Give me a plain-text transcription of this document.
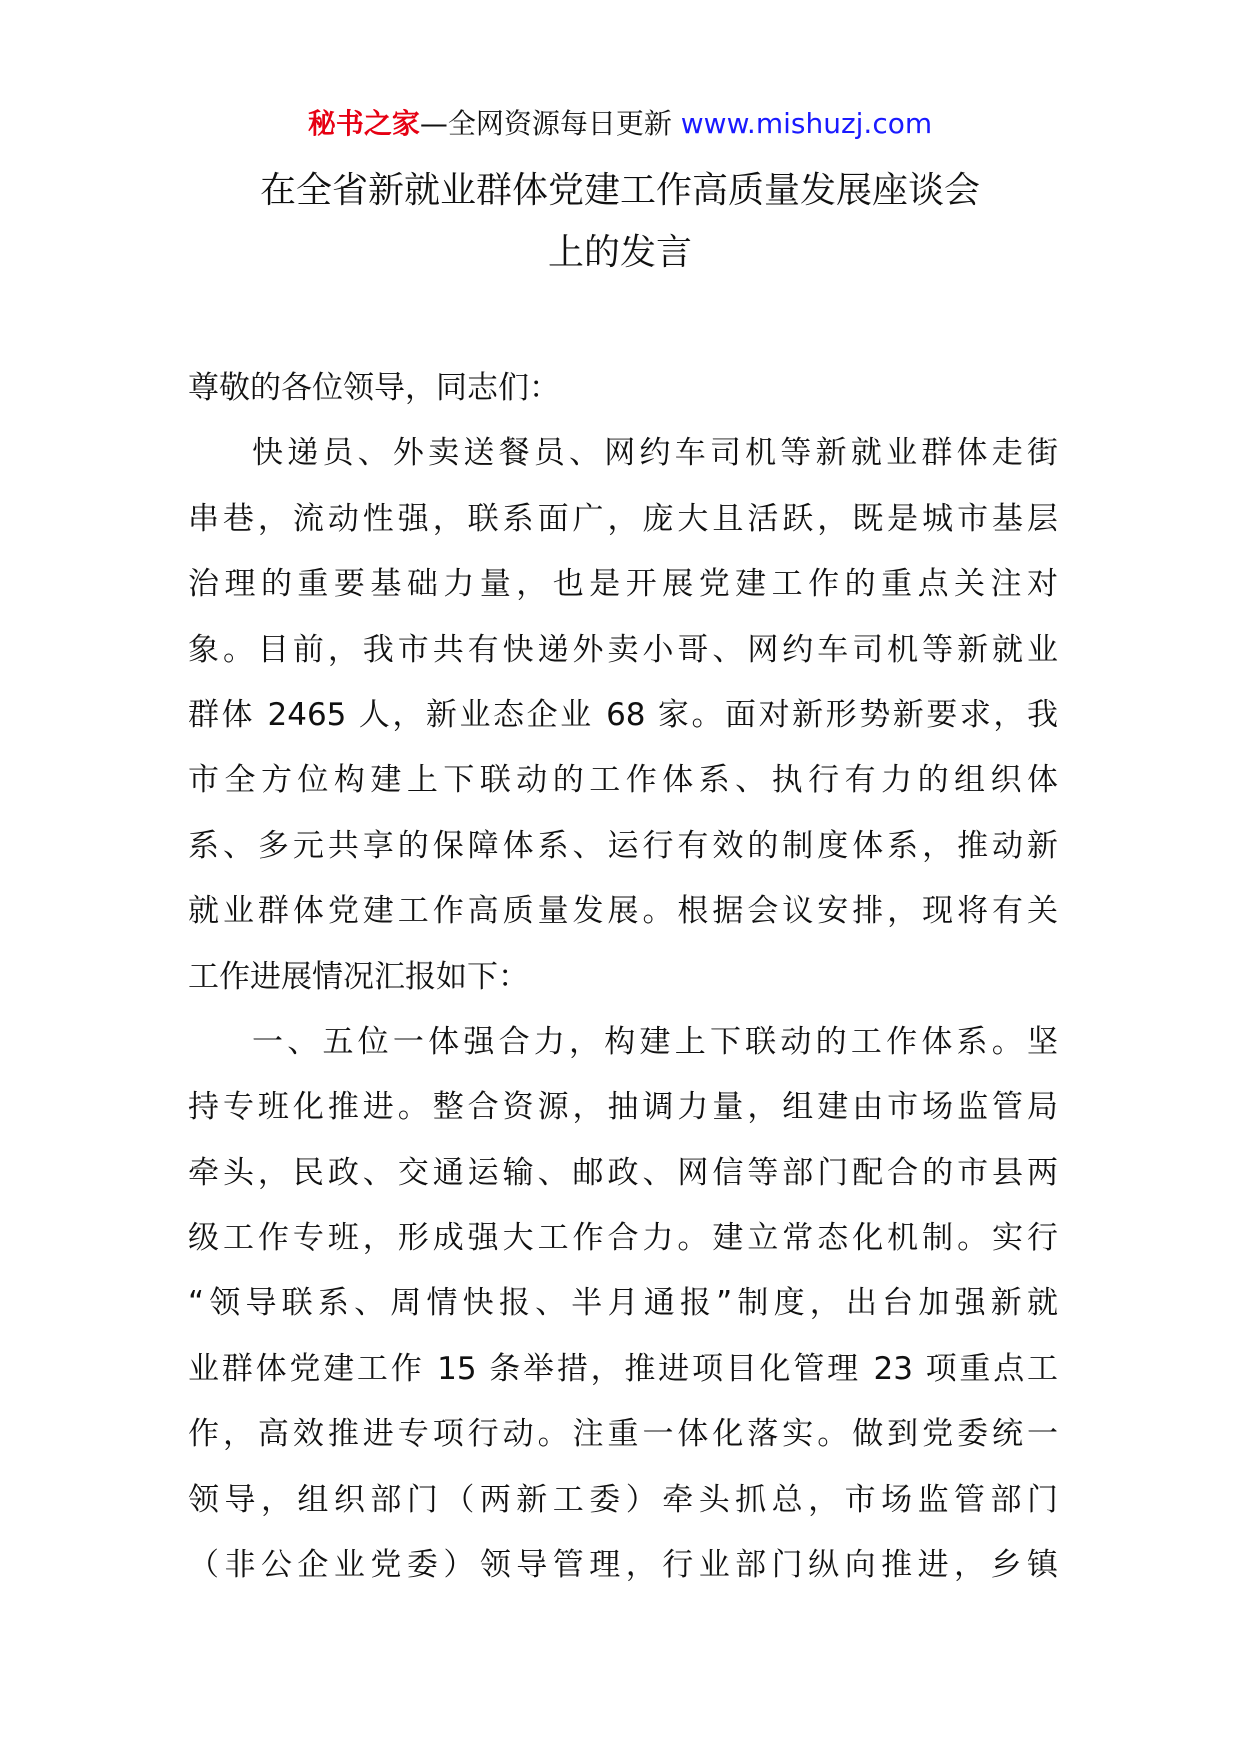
秘书之家—全网资源每日更新 www.mishuzj.com
在全省新就业群体党建工作高质量发展座谈会
上的发言
尊敬的各位领导，同志们：
快递员、外卖送餐员、网约车司机等新就业群体走街
串巷，流动性强，联系面广，庞大且活跃，既是城市基层
治理的重要基础力量，也是开展党建工作的重点关注对
象。目前，我市共有快递外卖小哥、网约车司机等新就业
群体 2465 人，新业态企业 68 家。面对新形势新要求，我
市全方位构建上下联动的工作体系、执行有力的组织体
系、多元共享的保障体系、运行有效的制度体系，推动新
就业群体党建工作高质量发展。根据会议安排，现将有关
工作进展情况汇报如下：
一、五位一体强合力，构建上下联动的工作体系。坚
持专班化推进。整合资源，抽调力量，组建由市场监管局
牵头，民政、交通运输、邮政、网信等部门配合的市县两
级工作专班，形成强大工作合力。建立常态化机制。实行
“领导联系、周情快报、半月通报”制度，出台加强新就
业群体党建工作 15 条举措，推进项目化管理 23 项重点工
作，高效推进专项行动。注重一体化落实。做到党委统一
领导，组织部门（两新工委）牵头抓总，市场监管部门
（非公企业党委）领导管理，行业部门纵向推进，乡镇
